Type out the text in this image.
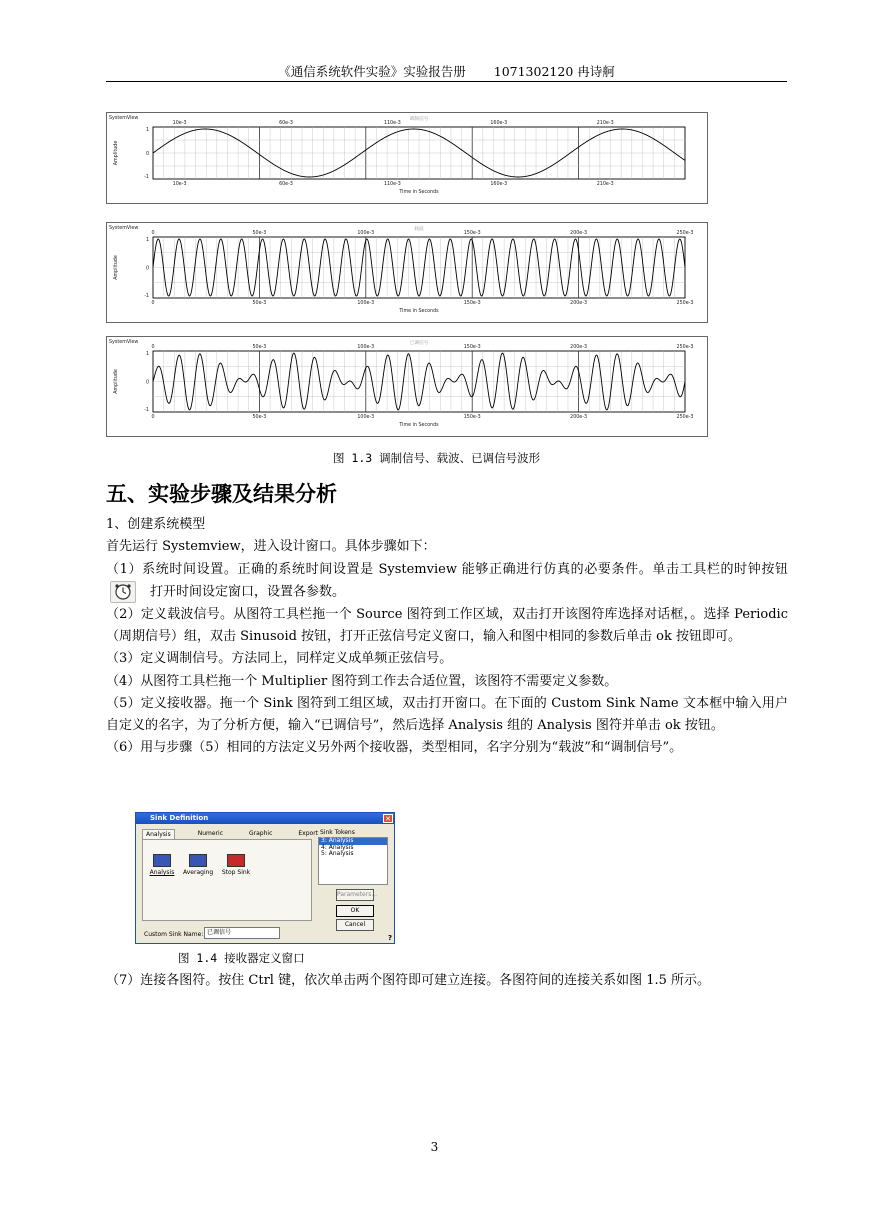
《通信系统软件实验》实验报告册 1071302120 冉诗舸
SystemView	调制信号
10e-3	60e-3	110e-3	160e-3	210e-3
10e-3	60e-3	110e-3	160e-3	210e-3
1
0
-1
Time in Seconds
Amplitude
SystemView	载波
0	50e-3	100e-3	150e-3	200e-3	250e-3
0	50e-3	100e-3	150e-3	200e-3	250e-3
1
0
-1
Time in Seconds
Amplitude
SystemView	已调信号
0	50e-3	100e-3	150e-3	200e-3	250e-3
0	50e-3	100e-3	150e-3	200e-3	250e-3
1
0
-1
Time in Seconds
Amplitude
图 1.3 调制信号、载波、已调信号波形
五、实验步骤及结果分析

1、创建系统模型

首先运行 Systemview，进入设计窗口。具体步骤如下：

（1）系统时间设置。正确的系统时间设置是 Systemview 能够正确进行仿真的必要条件。单击工具栏的时钟按钮打开时间设定窗口，设置各参数。

（2）定义载波信号。从图符工具栏拖一个 Source 图符到工作区域，双击打开该图符库选择对话框，。选择 Periodic（周期信号）组，双击 Sinusoid 按钮，打开正弦信号定义窗口，输入和图中相同的参数后单击 ok 按钮即可。

（3）定义调制信号。方法同上，同样定义成单频正弦信号。

（4）从图符工具栏拖一个 Multiplier 图符到工作去合适位置，该图符不需要定义参数。

（5）定义接收器。拖一个 Sink 图符到工组区域，双击打开窗口。在下面的 Custom Sink Name 文本框中输入用户自定义的名字，为了分析方便，输入“已调信号”，然后选择 Analysis 组的 Analysis 图符并单击 ok 按钮。

（6）用与步骤（5）相同的方法定义另外两个接收器，类型相同，名字分别为“载波”和“调制信号”。

Sink Definition	✕
Analysis	Numeric	Graphic	Export
Analysis	Averaging Stop Sink
Sink Tokens
3: Analysis
4: Analysis
5: Analysis
Parameters...
OK
Cancel
Custom Sink Name: 已调信号
?
图 1.4 接收器定义窗口
（7）连接各图符。按住 Ctrl 键，依次单击两个图符即可建立连接。各图符间的连接关系如图 1.5 所示。
3
